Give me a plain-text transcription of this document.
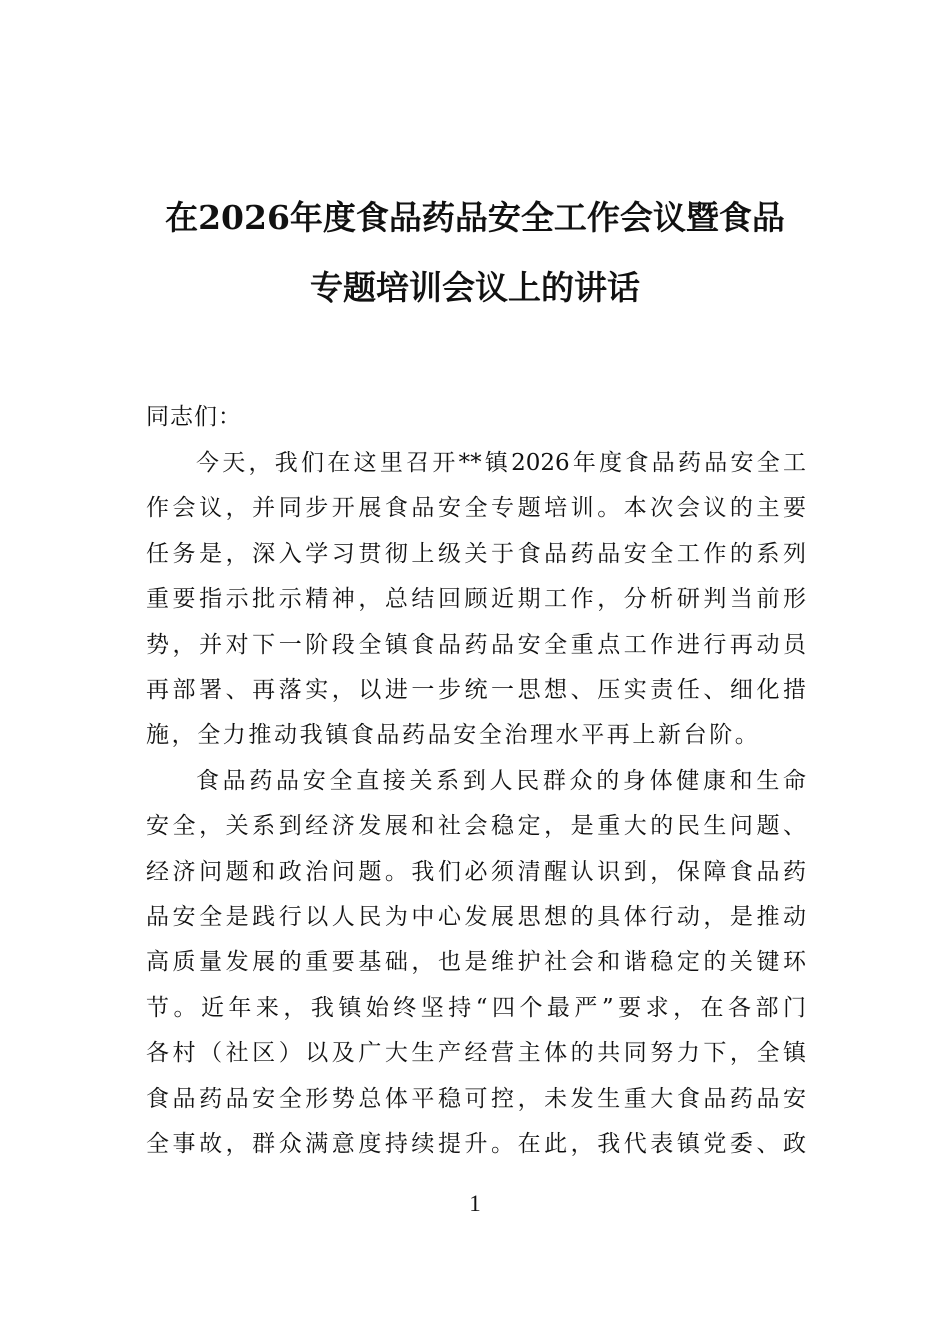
在2026年度食品药品安全工作会议暨食品
专题培训会议上的讲话

同志们：

今天，我们在这里召开**镇2026年度食品药品安全工

作会议，并同步开展食品安全专题培训。本次会议的主要

任务是，深入学习贯彻上级关于食品药品安全工作的系列

重要指示批示精神，总结回顾近期工作，分析研判当前形

势，并对下一阶段全镇食品药品安全重点工作进行再动员

再部署、再落实，以进一步统一思想、压实责任、细化措

施，全力推动我镇食品药品安全治理水平再上新台阶。

食品药品安全直接关系到人民群众的身体健康和生命

安全，关系到经济发展和社会稳定，是重大的民生问题、

经济问题和政治问题。我们必须清醒认识到，保障食品药

品安全是践行以人民为中心发展思想的具体行动，是推动

高质量发展的重要基础，也是维护社会和谐稳定的关键环

节。近年来，我镇始终坚持“四个最严”要求，在各部门

各村（社区）以及广大生产经营主体的共同努力下，全镇

食品药品安全形势总体平稳可控，未发生重大食品药品安

全事故，群众满意度持续提升。在此，我代表镇党委、政

1
